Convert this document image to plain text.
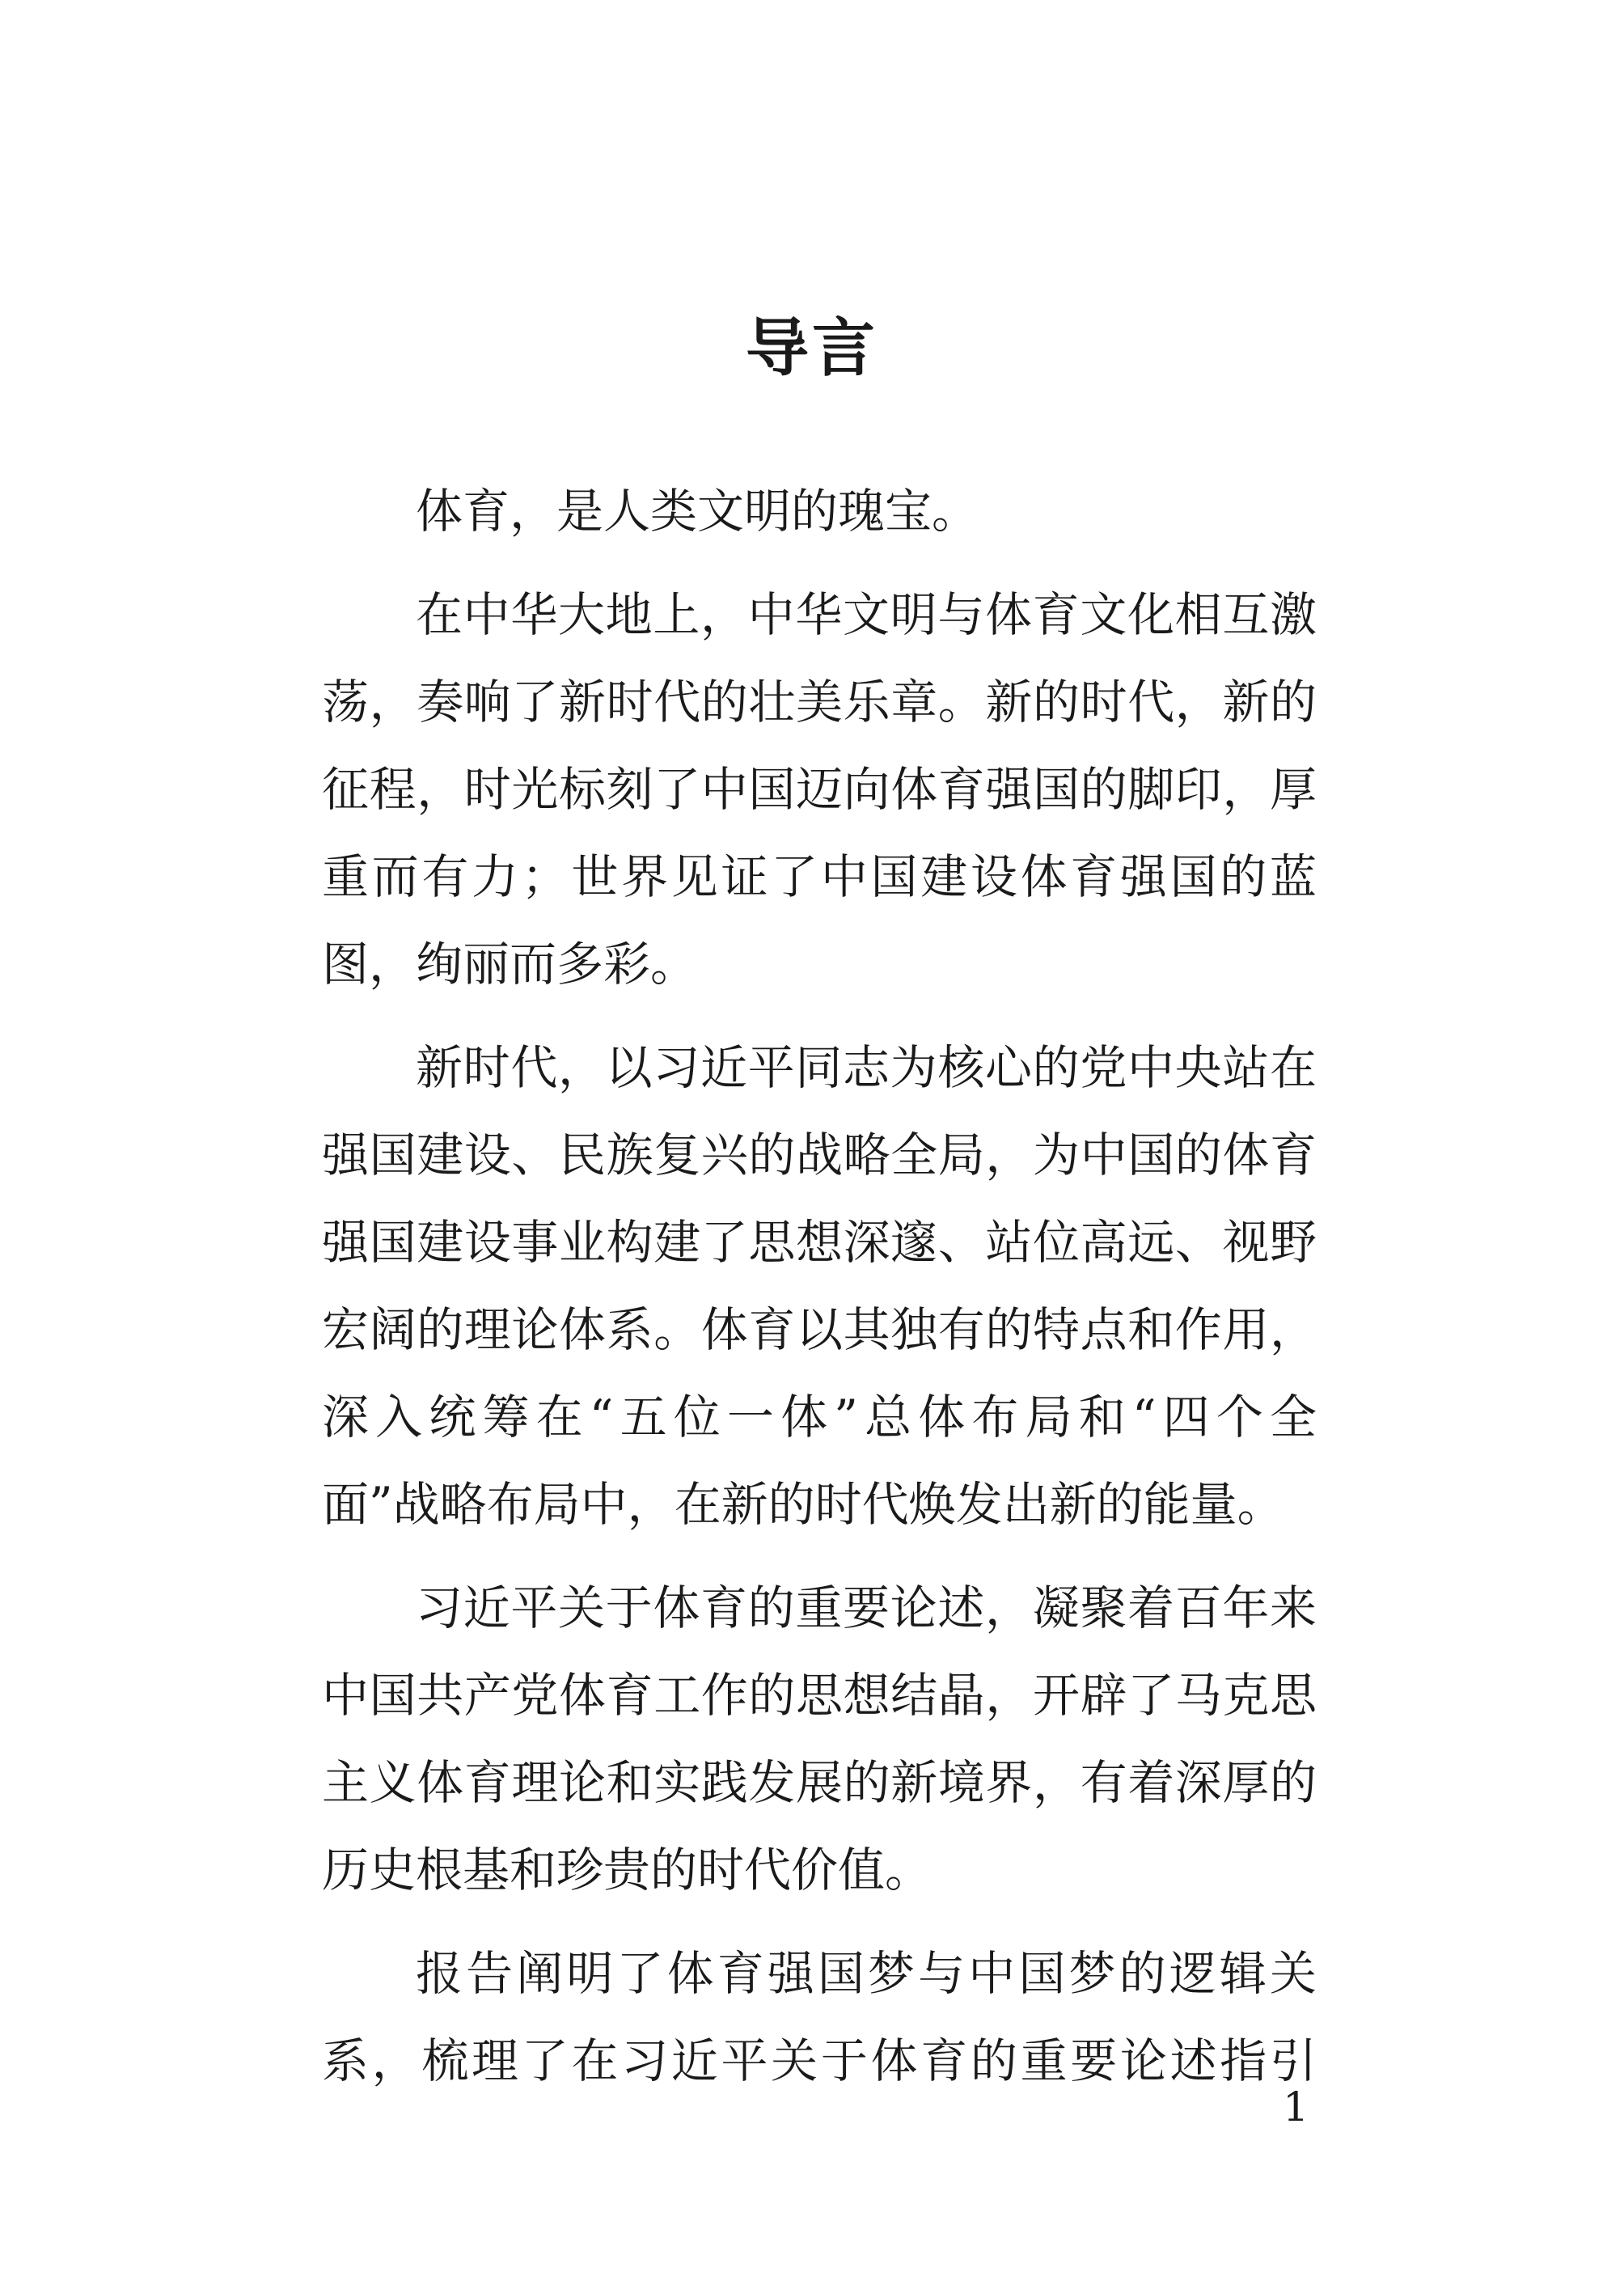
导言
体育，是人类文明的瑰宝。
在中华大地上，中华文明与体育文化相互激
荡，奏响了新时代的壮美乐章。新的时代，新的
征程，时光标刻了中国迈向体育强国的脚印，厚
重而有力；世界见证了中国建设体育强国的蓝
图，绚丽而多彩。
新时代，以习近平同志为核心的党中央站在
强国建设、民族复兴的战略全局，为中国的体育
强国建设事业构建了思想深邃、站位高远、视野
宏阔的理论体系。体育以其独有的特点和作用，
深入统筹在“五位一体”总体布局和“四个全
面”战略布局中，在新的时代焕发出新的能量。
习近平关于体育的重要论述，凝聚着百年来
中国共产党体育工作的思想结晶，开辟了马克思
主义体育理论和实践发展的新境界，有着深厚的
历史根基和珍贵的时代价值。
报告阐明了体育强国梦与中国梦的逻辑关
系，梳理了在习近平关于体育的重要论述指引
1
